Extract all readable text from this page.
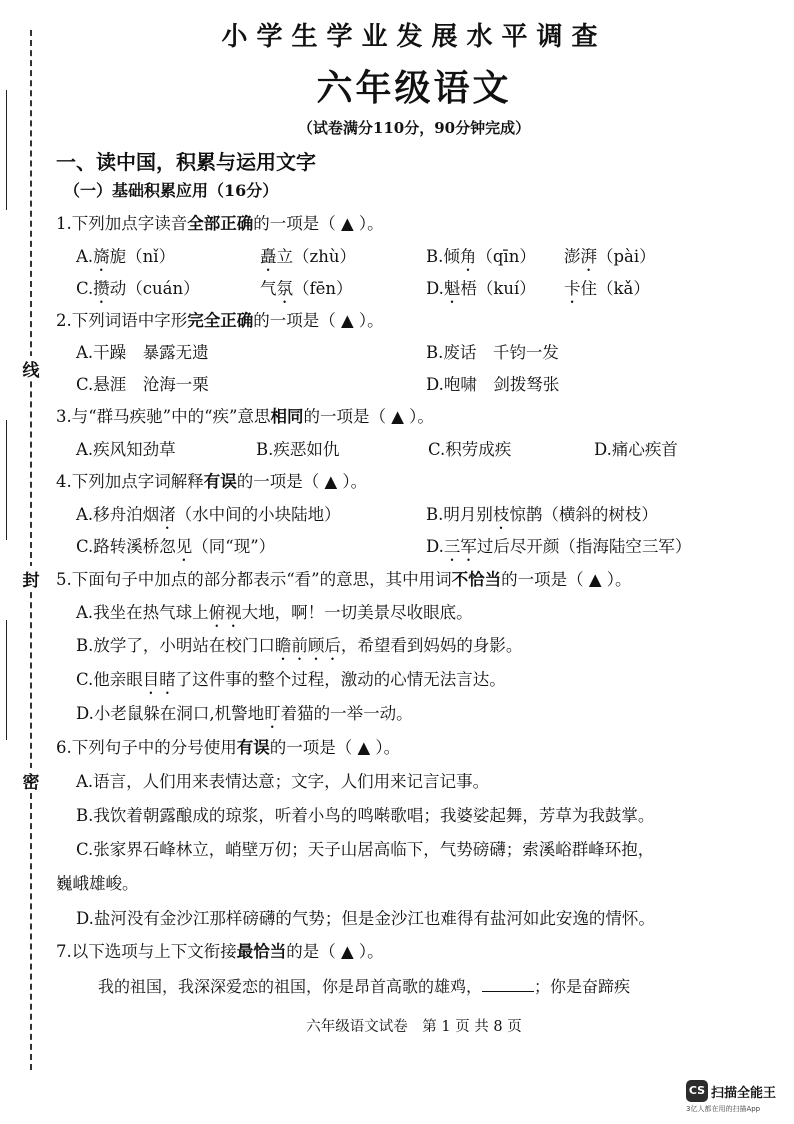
线
封
密
小学生学业发展水平调查
六年级语文
（试卷满分110分，90分钟完成）
一、读中国，积累与运用文字
（一）基础积累应用（16分）
1.下列加点字读音全部正确的一项是（ ▲ ）。
A.旖旎（nǐ）	矗立（zhù）	B.倾角（qīn） 澎湃（pài）
C.攒动（cuán）	气氛（fēn）	D.魁梧（kuí） 卡住（kǎ）
2.下列词语中字形完全正确的一项是（ ▲ ）。
A.干躁　暴露无遗	B.废话　千钧一发
C.悬涯　沧海一栗	D.咆啸　剑拨驽张
3.与“群马疾驰”中的“疾”意思相同的一项是（ ▲ ）。
A.疾风知劲草	B.疾恶如仇	C.积劳成疾	D.痛心疾首
4.下列加点字词解释有误的一项是（ ▲ ）。
A.移舟泊烟渚（水中间的小块陆地）	B.明月别枝惊鹊（横斜的树枝）
C.路转溪桥忽见（同“现”）	D.三军过后尽开颜（指海陆空三军）
5.下面句子中加点的部分都表示“看”的意思，其中用词不恰当的一项是（ ▲ ）。
A.我坐在热气球上俯视大地，啊！一切美景尽收眼底。
B.放学了，小明站在校门口瞻前顾后，希望看到妈妈的身影。
C.他亲眼目睹了这件事的整个过程，激动的心情无法言达。
D.小老鼠躲在洞口,机警地盯着猫的一举一动。
6.下列句子中的分号使用有误的一项是（ ▲ ）。
A.语言，人们用来表情达意；文字，人们用来记言记事。
B.我饮着朝露酿成的琼浆，听着小鸟的鸣啭歌唱；我婆娑起舞，芳草为我鼓掌。
C.张家界石峰林立，峭壁万仞；天子山居高临下，气势磅礴；索溪峪群峰环抱，
巍峨雄峻。
D.盐河没有金沙江那样磅礴的气势；但是金沙江也难得有盐河如此安逸的情怀。
7.以下选项与上下文衔接最恰当的是（ ▲ ）。
我的祖国，我深深爱恋的祖国，你是昂首高歌的雄鸡，	；你是奋蹄疾
六年级语文试卷　第 1 页 共 8 页
CS 扫描全能王
3亿人都在用的扫描App
